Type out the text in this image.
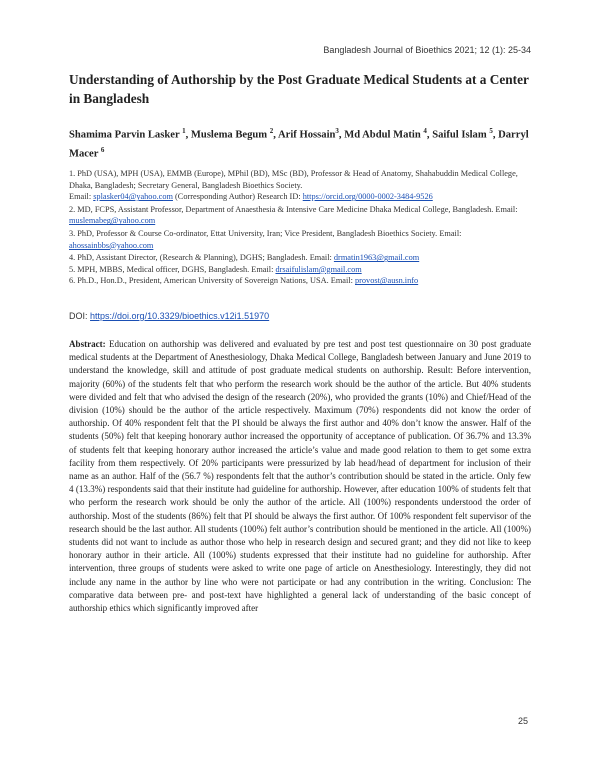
Bangladesh Journal of Bioethics 2021; 12 (1): 25-34
Understanding of Authorship by the Post Graduate Medical Students at a Center in Bangladesh
Shamima Parvin Lasker $^1$, Muslema Begum $^2$, Arif Hossain$^3$, Md Abdul Matin $^4$, Saiful Islam $^5$, Darryl Macer $^6$

1. PhD (USA), MPH (USA), EMMB (Europe), MPhil (BD), MSc (BD), Professor & Head of Anatomy, Shahabuddin Medical College, Dhaka, Bangladesh; Secretary General, Bangladesh Bioethics Society.
Email: splasker04@yahoo.com (Corresponding Author) Research ID: https://orcid.org/0000-0002-3484-9526

2. MD, FCPS, Assistant Professor, Department of Anaesthesia & Intensive Care Medicine Dhaka Medical College, Bangladesh. Email: muslemabeg@yahoo.com

3. PhD, Professor & Course Co-ordinator, Ettat University, Iran; Vice President, Bangladesh Bioethics Society. Email: ahossainbbs@yahoo.com

4. PhD, Assistant Director, (Research & Planning), DGHS; Bangladesh. Email: drmatin1963@gmail.com

5. MPH, MBBS, Medical officer, DGHS, Bangladesh. Email: drsaifulislam@gmail.com

6. Ph.D., Hon.D., President, American University of Sovereign Nations, USA. Email: provost@ausn.info

DOI: https://doi.org/10.3329/bioethics.v12i1.51970
Abstract: Education on authorship was delivered and evaluated by pre test and post test questionnaire on 30 post graduate medical students at the Department of Anesthesiology, Dhaka Medical College, Bangladesh between January and June 2019 to understand the knowledge, skill and attitude of post graduate medical students on authorship. Result: Before intervention, majority (60%) of the students felt that who perform the research work should be the author of the article. But 40% students were divided and felt that who advised the design of the research (20%), who provided the grants (10%) and Chief/Head of the division (10%) should be the author of the article respectively. Maximum (70%) respondents did not know the order of authorship. Of 40% respondent felt that the PI should be always the first author and 40% don’t know the answer. Half of the students (50%) felt that keeping honorary author increased the opportunity of acceptance of publication. Of 36.7% and 13.3% of students felt that keeping honorary author increased the article’s value and made good relation to them to get some extra facility from them respectively. Of 20% participants were pressurized by lab head/head of department for inclusion of their name as an author. Half of the (56.7 %) respondents felt that the author’s contribution should be stated in the article. Only few 4 (13.3%) respondents said that their institute had guideline for authorship. However, after education 100% of students felt that who perform the research work should be only the author of the article. All (100%) respondents understood the order of authorship. Most of the students (86%) felt that PI should be always the first author. Of 100% respondent felt supervisor of the research should be the last author. All students (100%) felt author’s contribution should be mentioned in the article. All (100%) students did not want to include as author those who help in research design and secured grant; and they did not like to keep honorary author in their article. All (100%) students expressed that their institute had no guideline for authorship. After intervention, three groups of students were asked to write one page of article on Anesthesiology. Interestingly, they did not include any name in the author by line who were not participate or had any contribution in the writing. Conclusion: The comparative data between pre- and post-text have highlighted a general lack of understanding of the basic concept of authorship ethics which significantly improved after
25
